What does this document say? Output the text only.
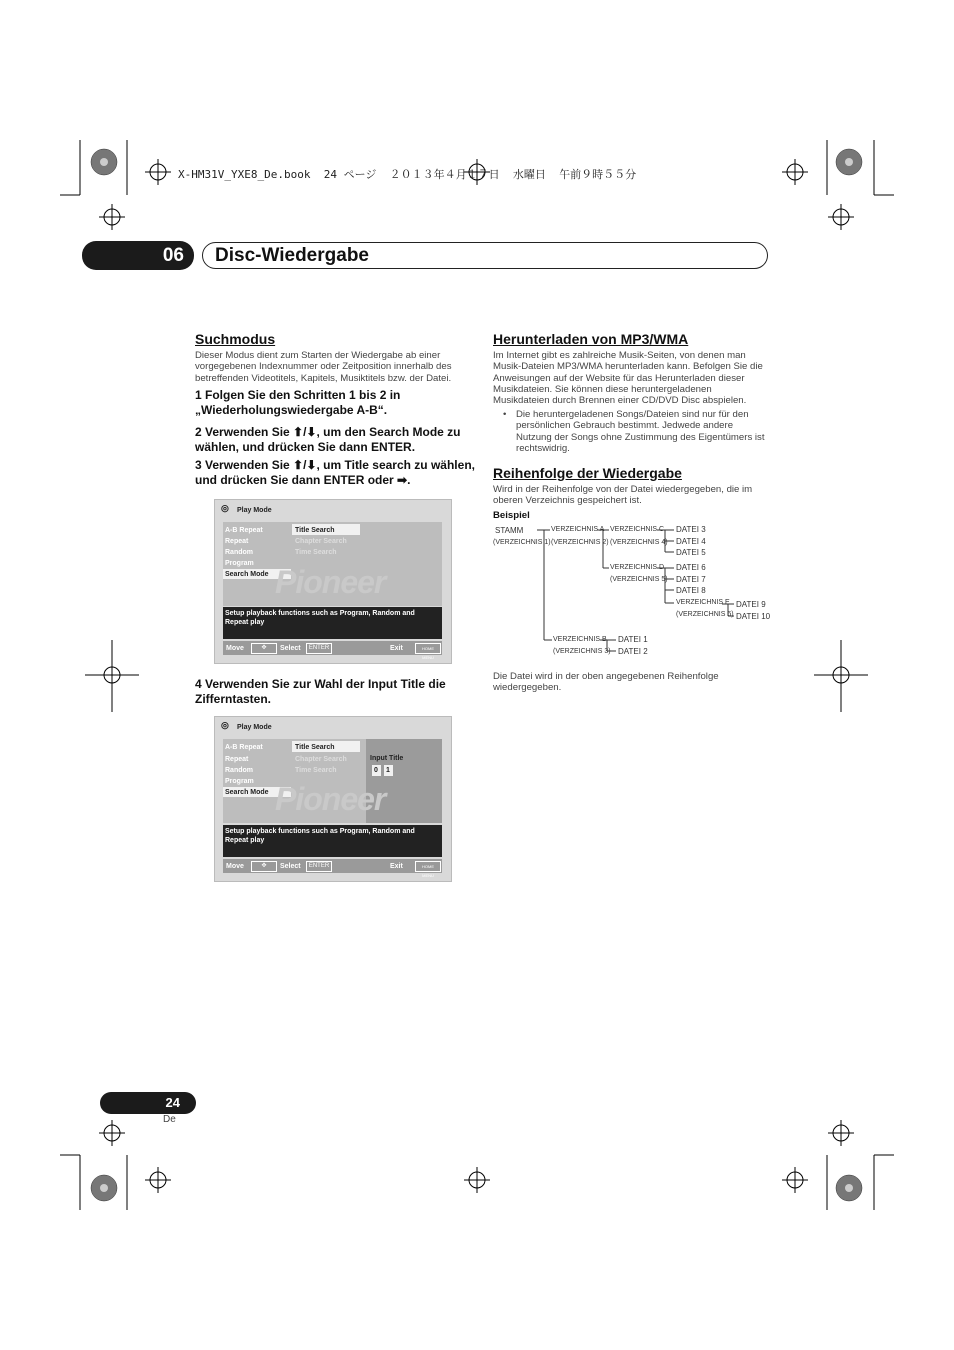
X-HM31V_YXE8_De.book  24 ページ  ２０１３年４月１７日  水曜日  午前９時５５分
06	Disc-Wiedergabe
Suchmodus
Dieser Modus dient zum Starten der Wiedergabe ab einer vorgegebenen Indexnummer oder Zeitposition innerhalb des betreffenden Videotitels, Kapitels, Musiktitels bzw. der Datei.
1 Folgen Sie den Schritten 1 bis 2 in „Wiederholungswiedergabe A-B“.
2 Verwenden Sie ⬆/⬇, um den Search Mode zu wählen, und drücken Sie dann ENTER.
3 Verwenden Sie ⬆/⬇, um Title search zu wählen, und drücken Sie dann ENTER oder ➡.
◎ Play Mode
A-B Repeat
Repeat
Random
Program
Search Mode
Title Search
Chapter Search
Time Search
Pioneer
Setup playback functions such as Program, Random and Repeat play
Move	✥	Select	ENTER	Exit	HOME MENU
4 Verwenden Sie zur Wahl der Input Title die Zifferntasten.
◎ Play Mode
A-B Repeat
Repeat
Random
Program
Search Mode
Title Search
Chapter Search
Time Search
Input Title
0 1
Pioneer
Setup playback functions such as Program, Random and Repeat play
Move	✥	Select	ENTER	Exit	HOME MENU
Herunterladen von MP3/WMA
Im Internet gibt es zahlreiche Musik-Seiten, von denen man Musik-Dateien MP3/WMA herunterladen kann. Befolgen Sie die Anweisungen auf der Website für das Herunterladen dieser Musikdateien. Sie können diese heruntergeladenen Musikdateien durch Brennen einer CD/DVD Disc abspielen.
•	Die heruntergeladenen Songs/Dateien sind nur für den persönlichen Gebrauch bestimmt. Jedwede andere Nutzung der Songs ohne Zustimmung des Eigentümers ist rechtswidrig.
Reihenfolge der Wiedergabe
Wird in der Reihenfolge von der Datei wiedergegeben, die im oberen Verzeichnis gespeichert ist.
Beispiel
STAMM
(VERZEICHNIS 1)
VERZEICHNIS A
(VERZEICHNIS 2)
VERZEICHNIS C
(VERZEICHNIS 4)
DATEI 3
DATEI 4
DATEI 5
VERZEICHNIS D
(VERZEICHNIS 5)
DATEI 6
DATEI 7
DATEI 8
VERZEICHNIS E
(VERZEICHNIS 6)
DATEI 9
DATEI 10
VERZEICHNIS B
(VERZEICHNIS 3)
DATEI 1
DATEI 2
Die Datei wird in der oben angegebenen Reihenfolge wiedergegeben.
24
De
